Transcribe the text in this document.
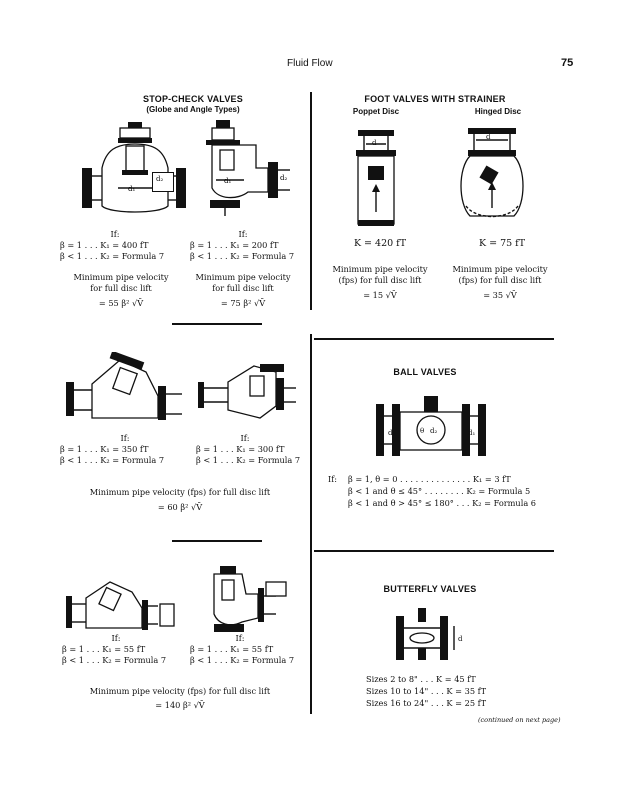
Fluid Flow	75
STOP-CHECK VALVES
(Globe and Angle Types)
d₁
d₂	d₁	d₂
If:
β = 1 . . . K₁ = 400 fT
β < 1 . . . K₂ = Formula 7
Minimum pipe velocity
for full disc lift
= 55 β² √V̄
If:
β = 1 . . . K₁ = 200 fT
β < 1 . . . K₂ = Formula 7
Minimum pipe velocity
for full disc lift
= 75 β² √V̄
If:
β = 1 . . . K₁ = 350 fT
β < 1 . . . K₂ = Formula 7
If:
β = 1 . . . K₁ = 300 fT
β < 1 . . . K₂ = Formula 7
Minimum pipe velocity (fps) for full disc lift
= 60 β² √V̄
If:
β = 1 . . . K₁ = 55 fT
β < 1 . . . K₂ = Formula 7
If:
β = 1 . . . K₁ = 55 fT
β < 1 . . . K₂ = Formula 7
Minimum pipe velocity (fps) for full disc lift
= 140 β² √V̄
FOOT VALVES WITH STRAINER
Poppet Disc	Hinged Disc
d
d
K = 420 fT	K = 75 fT
Minimum pipe velocity
(fps) for full disc lift
= 15 √V̄
Minimum pipe velocity
(fps) for full disc lift
= 35 √V̄
BALL VALVES
d₁	θ d₂	d₁
If: β = 1, θ = 0 . . . . . . . . . . . . . . K₁ = 3 fT
β < 1 and θ ≤ 45° . . . . . . . . K₂ = Formula 5
β < 1 and θ > 45° ≤ 180° . . . K₂ = Formula 6
BUTTERFLY VALVES
d
Sizes 2 to 8" . . . K = 45 fT
Sizes 10 to 14" . . . K = 35 fT
Sizes 16 to 24" . . . K = 25 fT
(continued on next page)
